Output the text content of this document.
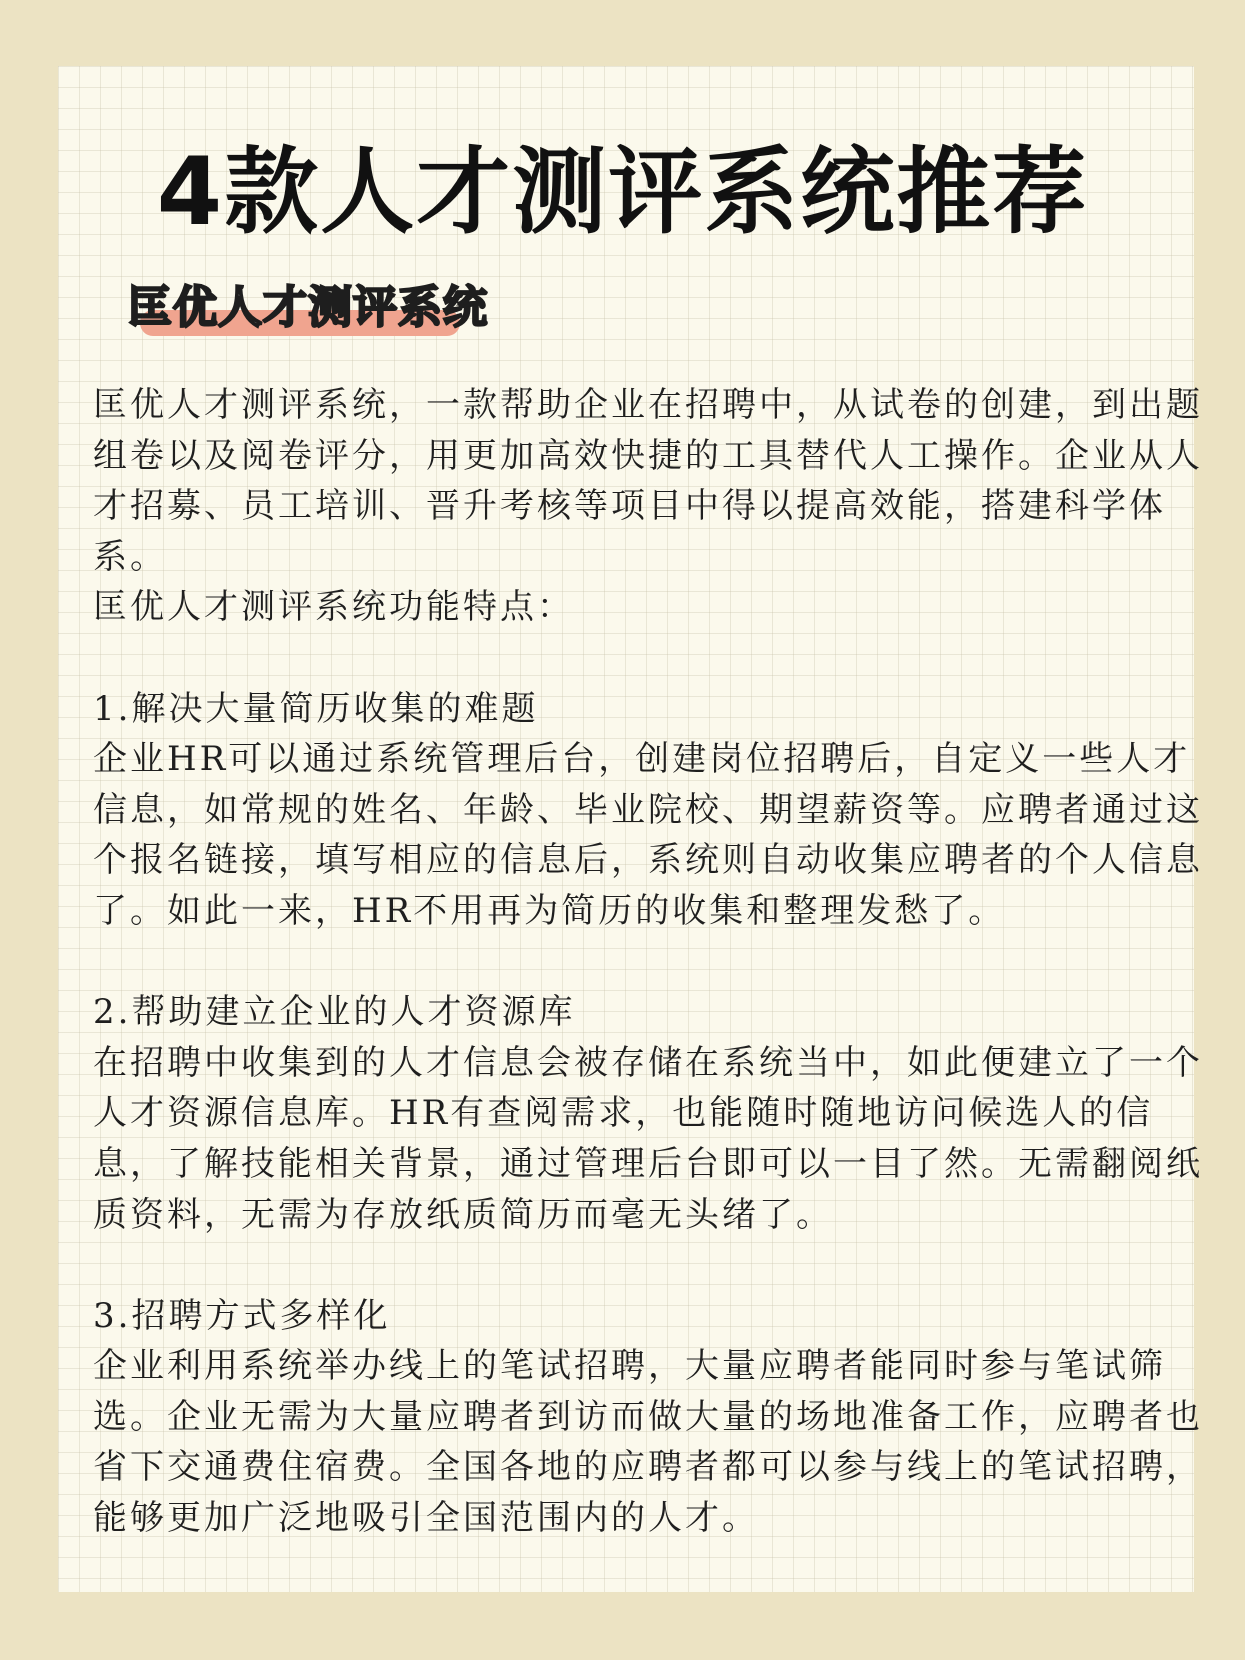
4款人才测评系统推荐
匡优人才测评系统

匡优人才测评系统，一款帮助企业在招聘中，从试卷的创建，到出题组卷以及阅卷评分，用更加高效快捷的工具替代人工操作。企业从人才招募、员工培训、晋升考核等项目中得以提高效能，搭建科学体系。

匡优人才测评系统功能特点：

1.解决大量简历收集的难题

企业HR可以通过系统管理后台，创建岗位招聘后，自定义一些人才信息，如常规的姓名、年龄、毕业院校、期望薪资等。应聘者通过这个报名链接，填写相应的信息后，系统则自动收集应聘者的个人信息了。如此一来，HR不用再为简历的收集和整理发愁了。

2.帮助建立企业的人才资源库

在招聘中收集到的人才信息会被存储在系统当中，如此便建立了一个人才资源信息库。HR有查阅需求，也能随时随地访问候选人的信息，了解技能相关背景，通过管理后台即可以一目了然。无需翻阅纸质资料，无需为存放纸质简历而毫无头绪了。

3.招聘方式多样化

企业利用系统举办线上的笔试招聘，大量应聘者能同时参与笔试筛选。企业无需为大量应聘者到访而做大量的场地准备工作，应聘者也省下交通费住宿费。全国各地的应聘者都可以参与线上的笔试招聘，能够更加广泛地吸引全国范围内的人才。
